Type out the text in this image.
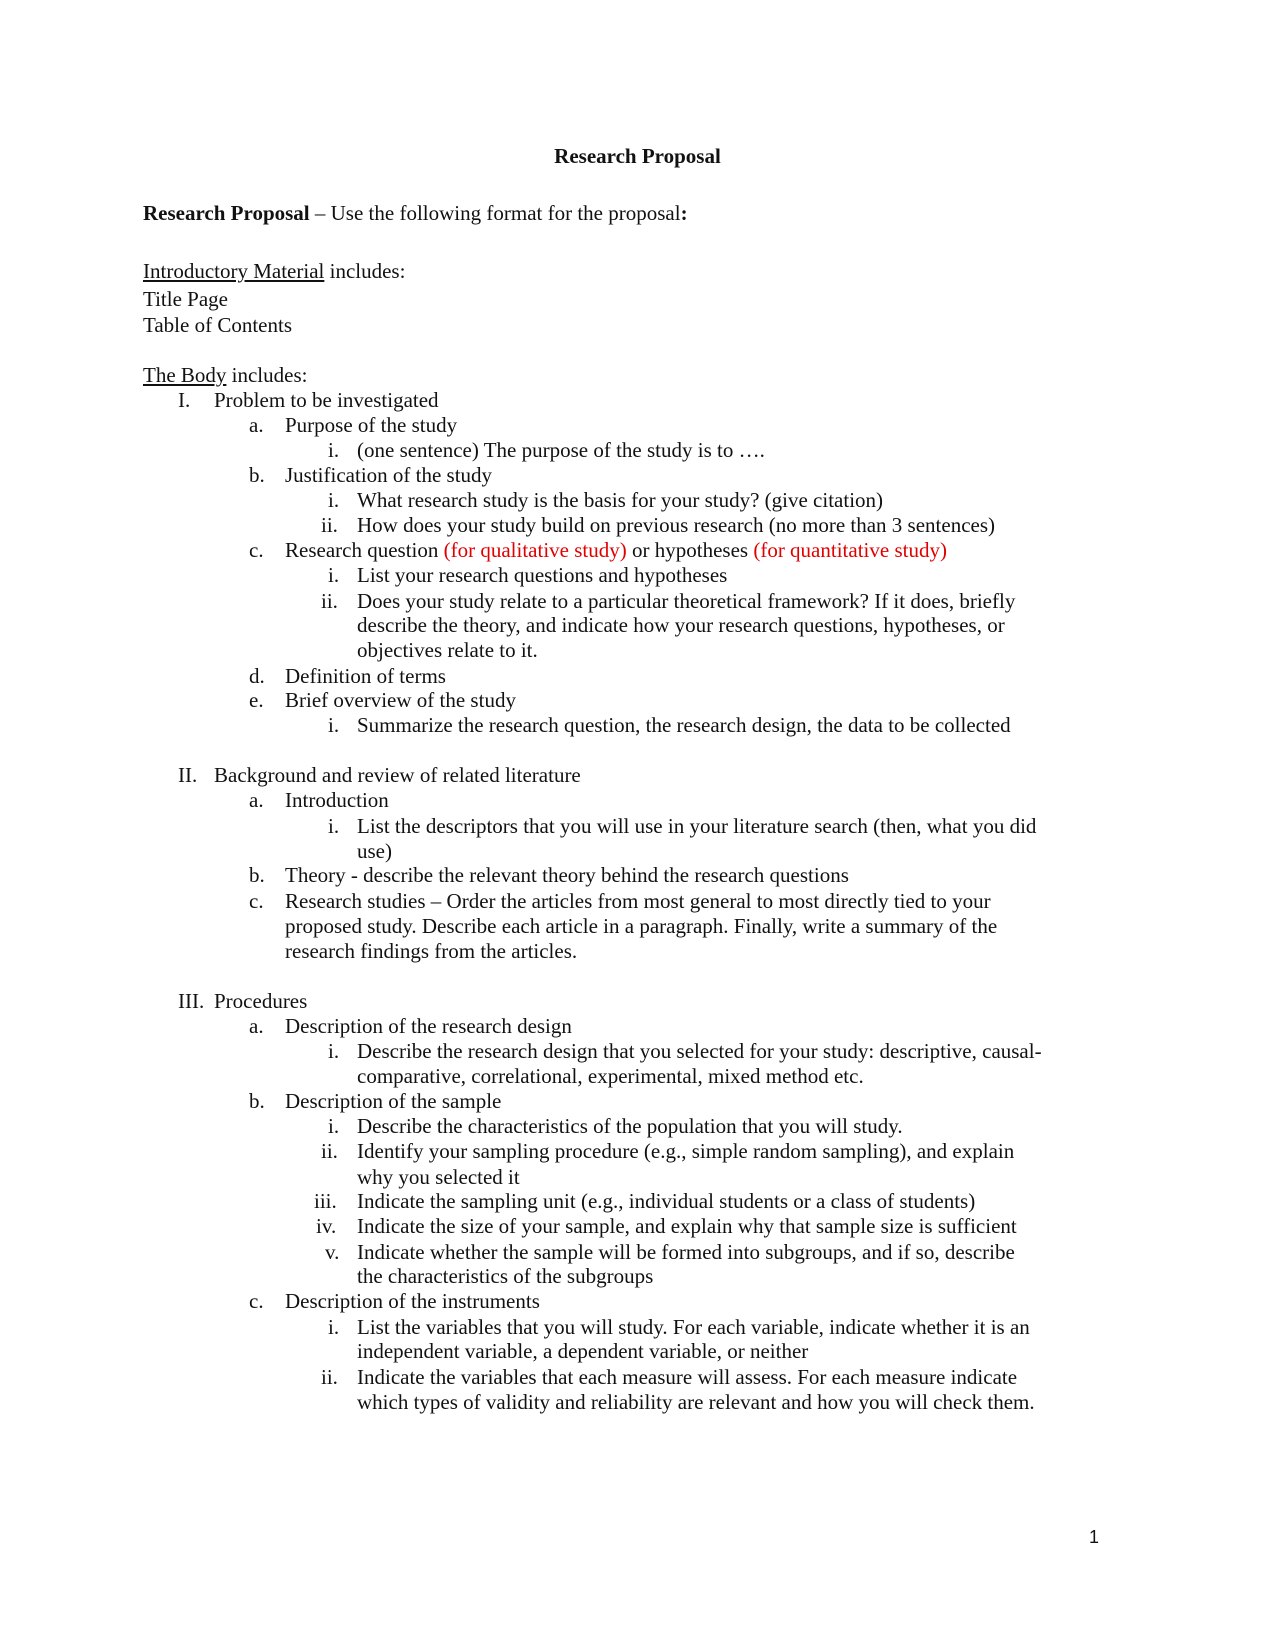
Research Proposal
Research Proposal – Use the following format for the proposal:
Introductory Material includes:
Title Page
Table of Contents
The Body includes:
I. Problem to be investigated
a. Purpose of the study
i. (one sentence) The purpose of the study is to ….
b. Justification of the study
i. What research study is the basis for your study? (give citation)
ii. How does your study build on previous research (no more than 3 sentences)
c. Research question (for qualitative study) or hypotheses (for quantitative study)
i. List your research questions and hypotheses
ii. Does your study relate to a particular theoretical framework? If it does, briefly
describe the theory, and indicate how your research questions, hypotheses, or
objectives relate to it.
d. Definition of terms
e. Brief overview of the study
i. Summarize the research question, the research design, the data to be collected
II. Background and review of related literature
a. Introduction
i. List the descriptors that you will use in your literature search (then, what you did
use)
b. Theory - describe the relevant theory behind the research questions
c. Research studies – Order the articles from most general to most directly tied to your
proposed study. Describe each article in a paragraph. Finally, write a summary of the
research findings from the articles.
III. Procedures
a. Description of the research design
i. Describe the research design that you selected for your study: descriptive, causal-
comparative, correlational, experimental, mixed method etc.
b. Description of the sample
i. Describe the characteristics of the population that you will study.
ii. Identify your sampling procedure (e.g., simple random sampling), and explain
why you selected it
iii. Indicate the sampling unit (e.g., individual students or a class of students)
iv. Indicate the size of your sample, and explain why that sample size is sufficient
v. Indicate whether the sample will be formed into subgroups, and if so, describe
the characteristics of the subgroups
c. Description of the instruments
i. List the variables that you will study. For each variable, indicate whether it is an
independent variable, a dependent variable, or neither
ii. Indicate the variables that each measure will assess. For each measure indicate
which types of validity and reliability are relevant and how you will check them.
1
